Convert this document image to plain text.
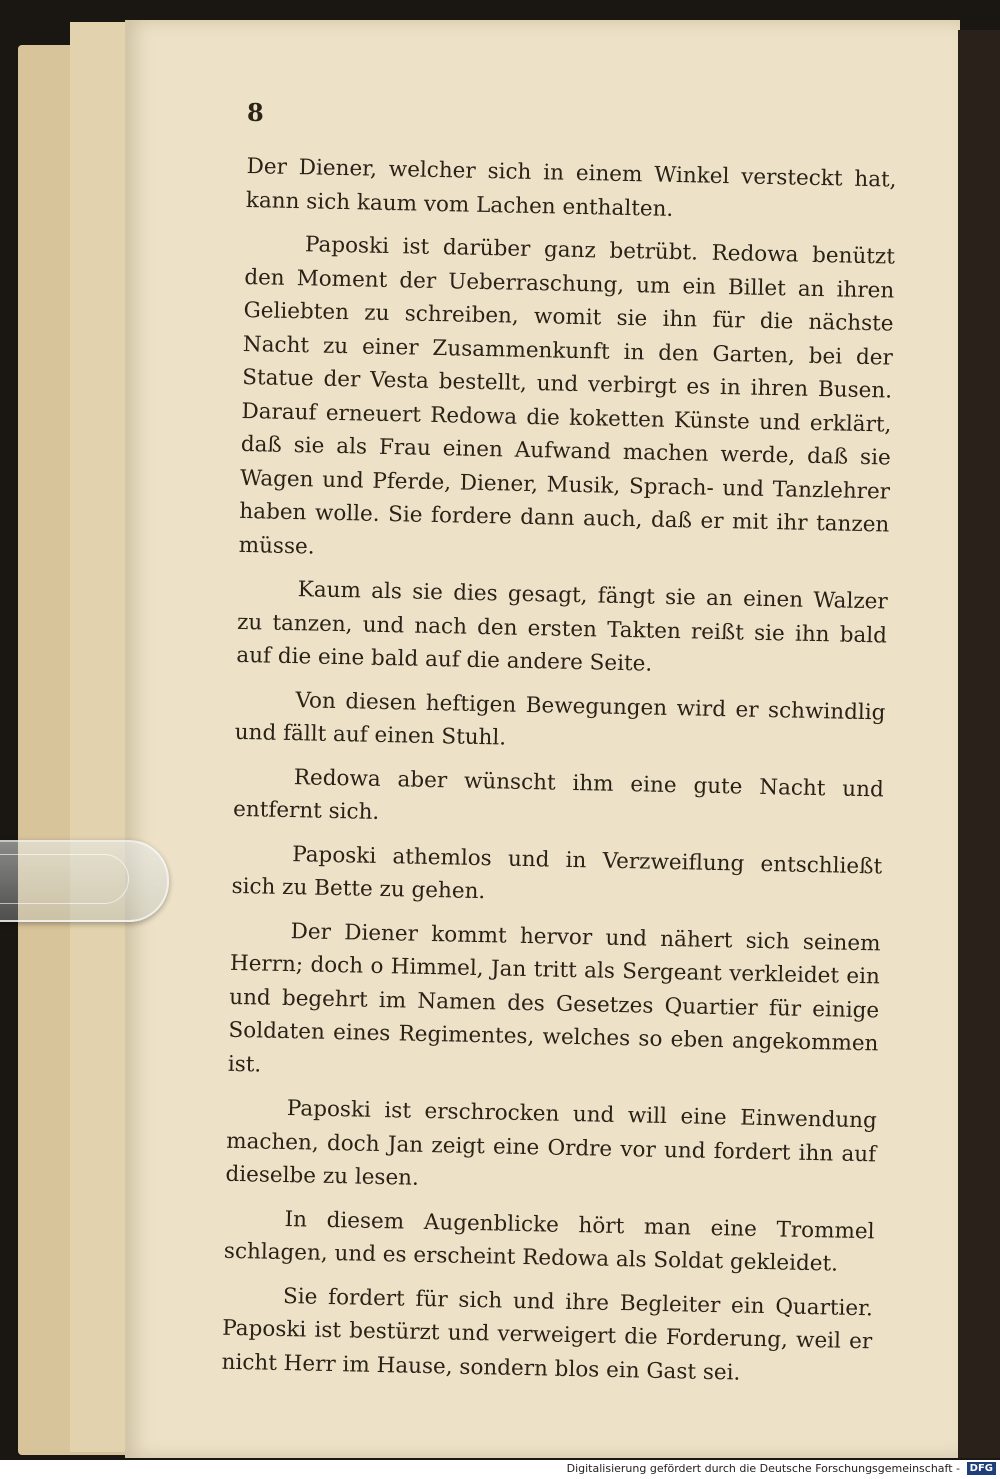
8

Der Diener, welcher sich in einem Winkel versteckt hat, kann sich kaum vom Lachen enthalten.

Paposki ist darüber ganz betrübt. Redowa benützt den Moment der Ueberraschung, um ein Billet an ihren Geliebten zu schreiben, womit sie ihn für die nächste Nacht zu einer Zusammenkunft in den Garten, bei der Statue der Vesta bestellt, und verbirgt es in ihren Busen. Darauf erneuert Redowa die koketten Künste und erklärt, daß sie als Frau einen Aufwand machen werde, daß sie Wagen und Pferde, Diener, Musik, Sprach- und Tanzlehrer haben wolle. Sie fordere dann auch, daß er mit ihr tanzen müsse.

Kaum als sie dies gesagt, fängt sie an einen Walzer zu tanzen, und nach den ersten Takten reißt sie ihn bald auf die eine bald auf die andere Seite.

Von diesen heftigen Bewegungen wird er schwindlig und fällt auf einen Stuhl.

Redowa aber wünscht ihm eine gute Nacht und entfernt sich.

Paposki athemlos und in Verzweiflung entschließt sich zu Bette zu gehen.

Der Diener kommt hervor und nähert sich seinem Herrn; doch o Himmel, Jan tritt als Sergeant verkleidet ein und begehrt im Namen des Gesetzes Quartier für einige Soldaten eines Regimentes, welches so eben angekommen ist.

Paposki ist erschrocken und will eine Einwendung machen, doch Jan zeigt eine Ordre vor und fordert ihn auf dieselbe zu lesen.

In diesem Augenblicke hört man eine Trommel schlagen, und es erscheint Redowa als Soldat gekleidet.

Sie fordert für sich und ihre Begleiter ein Quartier. Paposki ist bestürzt und verweigert die Forderung, weil er nicht Herr im Hause, sondern blos ein Gast sei.

Digitalisierung gefördert durch die Deutsche Forschungsgemeinschaft - DFG
